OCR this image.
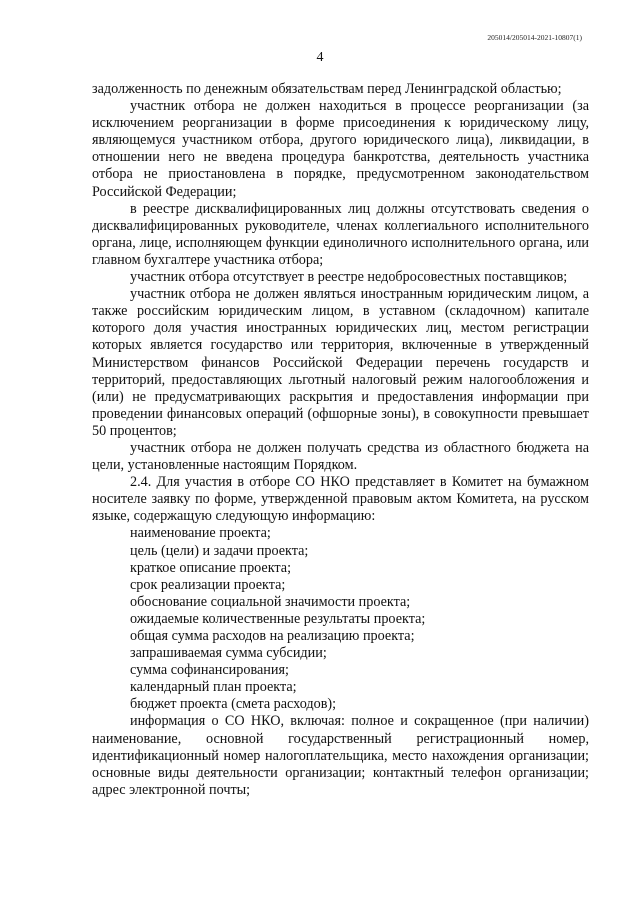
205014/205014-2021-10807(1)
4

задолженность по денежным обязательствам перед Ленинградской областью;

участник отбора не должен находиться в процессе реорганизации (за исключением реорганизации в форме присоединения к юридическому лицу, являющемуся участником отбора, другого юридического лица), ликвидации, в отношении него не введена процедура банкротства, деятельность участника отбора не приостановлена в порядке, предусмотренном законодательством Российской Федерации;

в реестре дисквалифицированных лиц должны отсутствовать сведения о дисквалифицированных руководителе, членах коллегиального исполнительного органа, лице, исполняющем функции единоличного исполнительного органа, или главном бухгалтере участника отбора;

участник отбора отсутствует в реестре недобросовестных поставщиков;

участник отбора не должен являться иностранным юридическим лицом, а также российским юридическим лицом, в уставном (складочном) капитале которого доля участия иностранных юридических лиц, местом регистрации которых является государство или территория, включенные в утвержденный Министерством финансов Российской Федерации перечень государств и территорий, предоставляющих льготный налоговый режим налогообложения и (или) не предусматривающих раскрытия и предоставления информации при проведении финансовых операций (офшорные зоны), в совокупности превышает 50 процентов;

участник отбора не должен получать средства из областного бюджета на цели, установленные настоящим Порядком.

2.4. Для участия в отборе СО НКО представляет в Комитет на бумажном носителе заявку по форме, утвержденной правовым актом Комитета, на русском языке, содержащую следующую информацию:

наименование проекта;

цель (цели) и задачи проекта;

краткое описание проекта;

срок реализации проекта;

обоснование социальной значимости проекта;

ожидаемые количественные результаты проекта;

общая сумма расходов на реализацию проекта;

запрашиваемая сумма субсидии;

сумма софинансирования;

календарный план проекта;

бюджет проекта (смета расходов);

информация о СО НКО, включая: полное и сокращенное (при наличии) наименование, основной государственный регистрационный номер, идентификационный номер налогоплательщика, место нахождения организации; основные виды деятельности организации; контактный телефон организации; адрес электронной почты;
